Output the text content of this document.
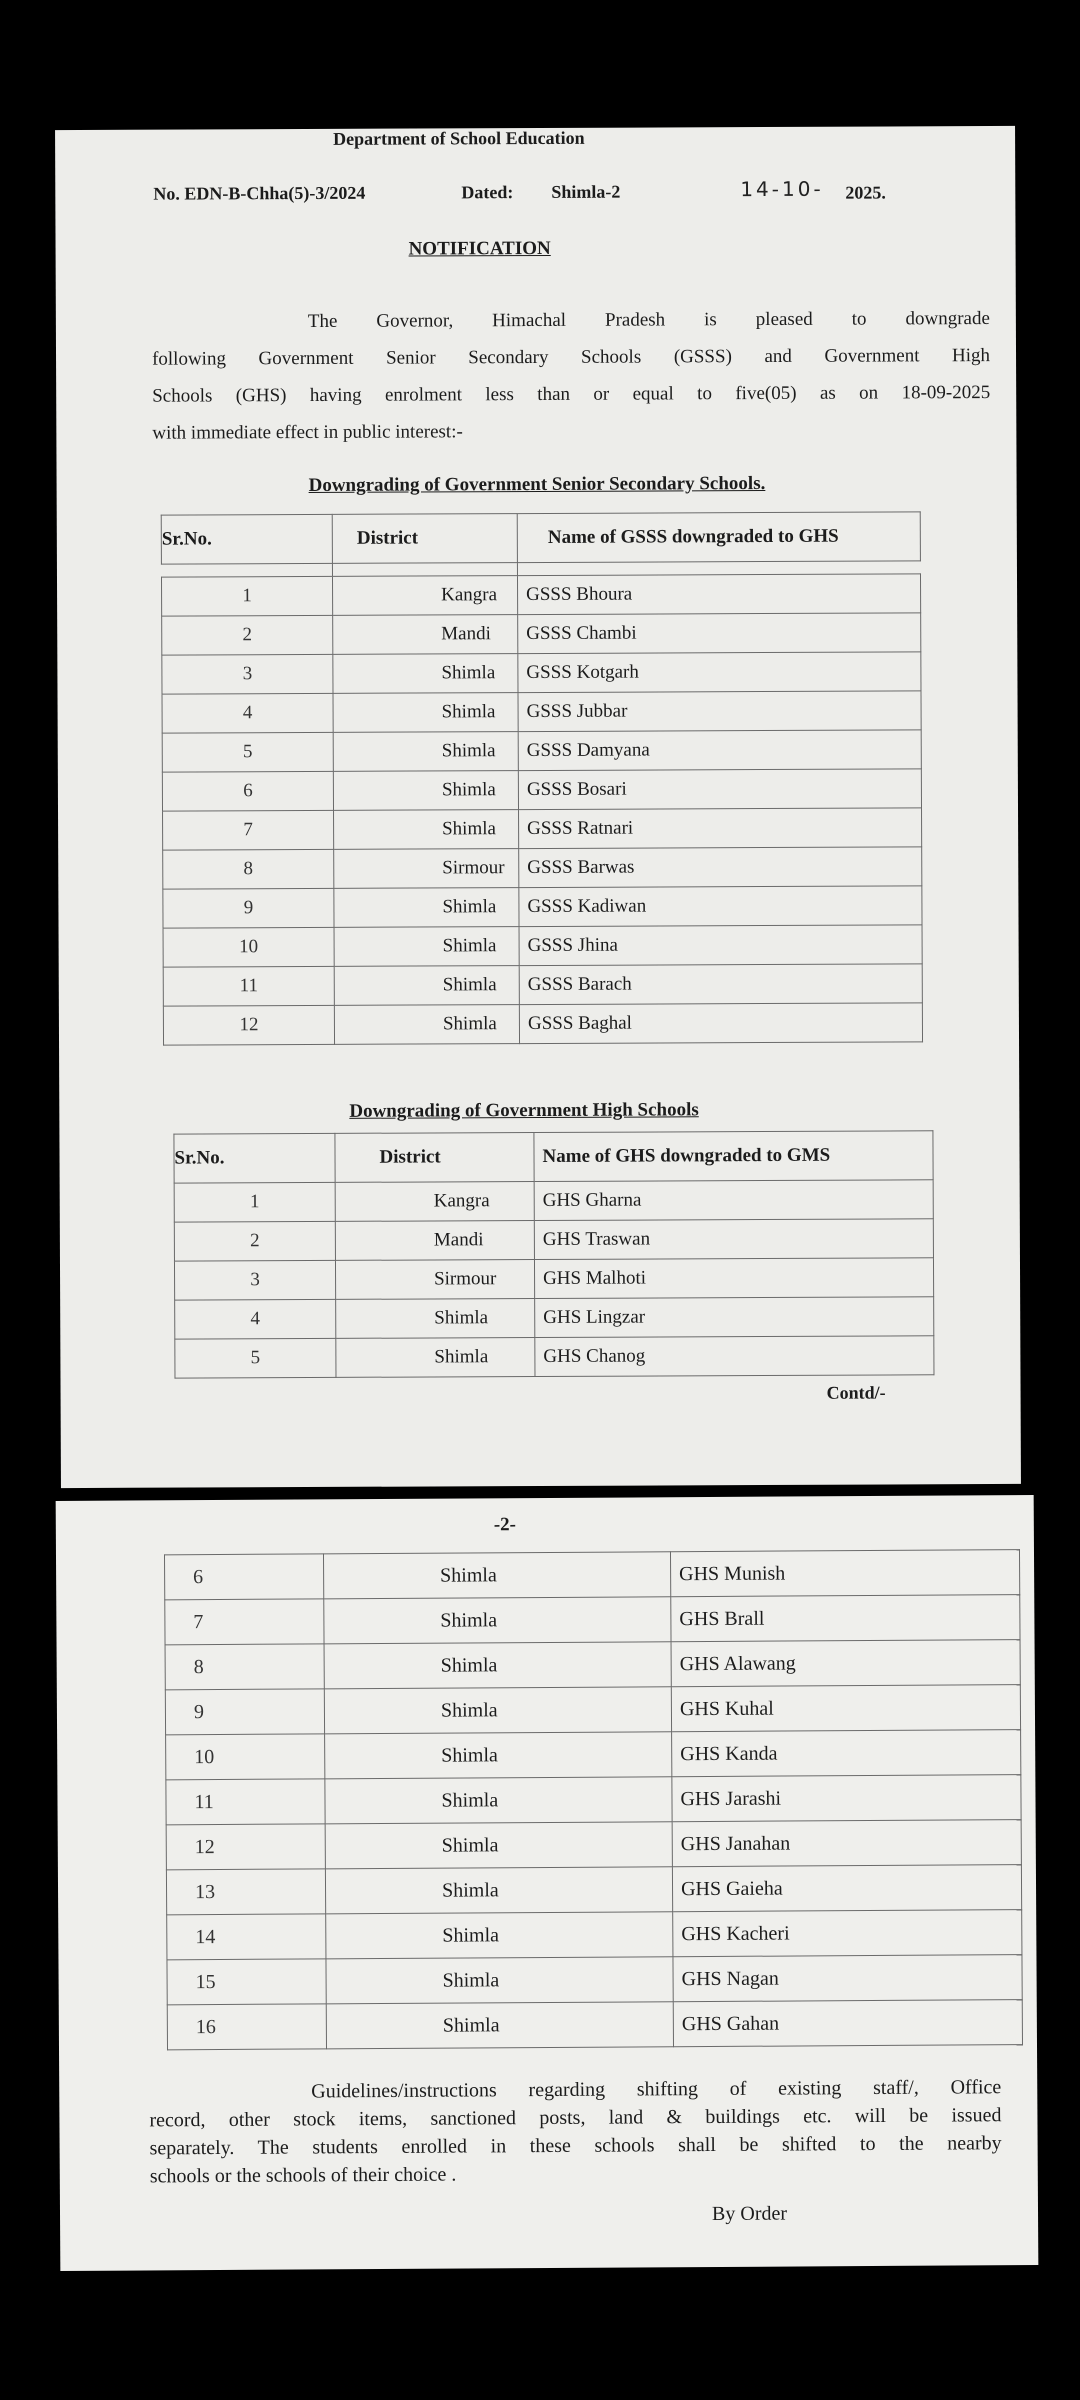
Department of School Education
No. EDN-B-Chha(5)-3/2024	Dated: Shimla-2	14-10- 2025.
NOTIFICATION
The Governor, Himachal Pradesh is pleased to downgrade
following Government Senior Secondary Schools (GSSS) and Government High
Schools (GHS) having enrolment less than or equal to five(05) as on 18-09-2025
with immediate effect in public interest:-
Downgrading of Government Senior Secondary Schools.
Sr.No.	District	Name of GSSS downgraded to GHS

1	Kangra	GSSS Bhoura
2	Mandi	GSSS Chambi
3	Shimla	GSSS Kotgarh
4	Shimla	GSSS Jubbar
5	Shimla	GSSS Damyana
6	Shimla	GSSS Bosari
7	Shimla	GSSS Ratnari
8	Sirmour	GSSS Barwas
9	Shimla	GSSS Kadiwan
10	Shimla	GSSS Jhina
11	Shimla	GSSS Barach
12	Shimla	GSSS Baghal
Downgrading of Government High Schools
Sr.No.	District	Name of GHS downgraded to GMS
1	Kangra	GHS Gharna
2	Mandi	GHS Traswan
3	Sirmour	GHS Malhoti
4	Shimla	GHS Lingzar
5	Shimla	GHS Chanog
Contd/-
-2-
6	Shimla	GHS Munish
7	Shimla	GHS Brall
8	Shimla	GHS Alawang
9	Shimla	GHS Kuhal
10	Shimla	GHS Kanda
11	Shimla	GHS Jarashi
12	Shimla	GHS Janahan
13	Shimla	GHS Gaieha
14	Shimla	GHS Kacheri
15	Shimla	GHS Nagan
16	Shimla	GHS Gahan
Guidelines/instructions regarding shifting of existing staff/, Office
record, other stock items, sanctioned posts, land & buildings etc. will be issued
separately. The students enrolled in these schools shall be shifted to the nearby
schools or the schools of their choice .
By Order
